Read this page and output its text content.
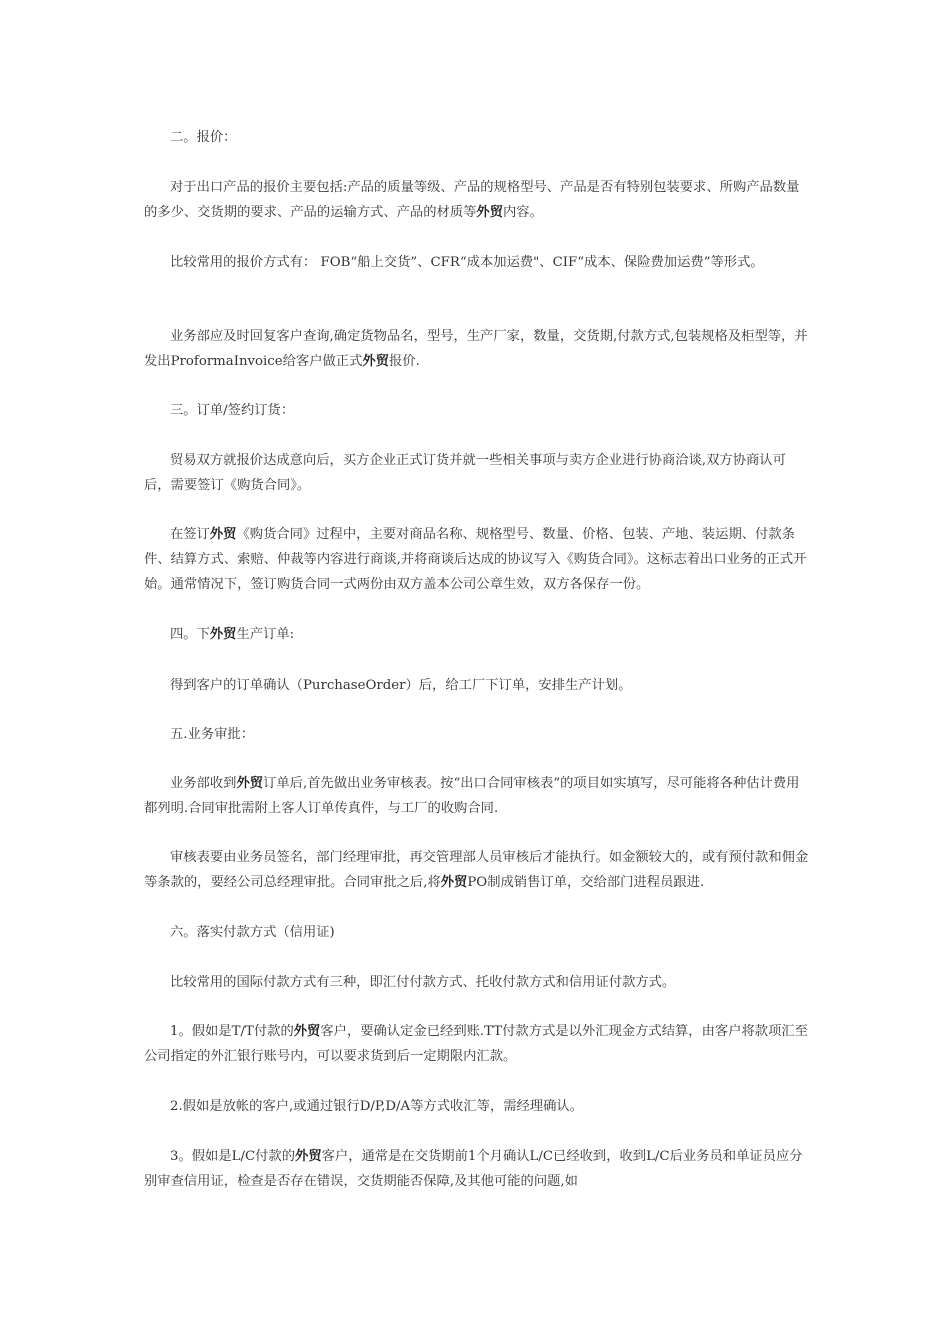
二。报价：

对于出口产品的报价主要包括:产品的质量等级、产品的规格型号、产品是否有特别包装要求、所购产品数量的多少、交货期的要求、产品的运输方式、产品的材质等外贸内容。

比较常用的报价方式有： FOB“船上交货”、CFR“成本加运费"、CIF“成本、保险费加运费”等形式。

业务部应及时回复客户查询,确定货物品名，型号，生产厂家，数量，交货期,付款方式,包装规格及柜型等，并发出ProformaInvoice给客户做正式外贸报价.

三。订单/签约订货：

贸易双方就报价达成意向后，买方企业正式订货并就一些相关事项与卖方企业进行协商洽谈,双方协商认可后，需要签订《购货合同》。

在签订外贸《购货合同》过程中，主要对商品名称、规格型号、数量、价格、包装、产地、装运期、付款条件、结算方式、索赔、仲裁等内容进行商谈,并将商谈后达成的协议写入《购货合同》。这标志着出口业务的正式开始。通常情况下，签订购货合同一式两份由双方盖本公司公章生效，双方各保存一份。

四。下外贸生产订单:

得到客户的订单确认（PurchaseOrder）后，给工厂下订单，安排生产计划。

五.业务审批：

业务部收到外贸订单后,首先做出业务审核表。按“出口合同审核表”的项目如实填写，尽可能将各种估计费用都列明.合同审批需附上客人订单传真件，与工厂的收购合同.

审核表要由业务员签名，部门经理审批，再交管理部人员审核后才能执行。如金额较大的，或有预付款和佣金等条款的，要经公司总经理审批。合同审批之后,将外贸PO制成销售订单，交给部门进程员跟进.

六。落实付款方式（信用证)

比较常用的国际付款方式有三种，即汇付付款方式、托收付款方式和信用证付款方式。

1。假如是T/T付款的外贸客户，要确认定金已经到账.TT付款方式是以外汇现金方式结算，由客户将款项汇至公司指定的外汇银行账号内，可以要求货到后一定期限内汇款。

2.假如是放帐的客户,或通过银行D/P,D/A等方式收汇等，需经理确认。

3。假如是L/C付款的外贸客户，通常是在交货期前1个月确认L/C已经收到，收到L/C后业务员和单证员应分别审查信用证，检查是否存在错误，交货期能否保障,及其他可能的问题,如
